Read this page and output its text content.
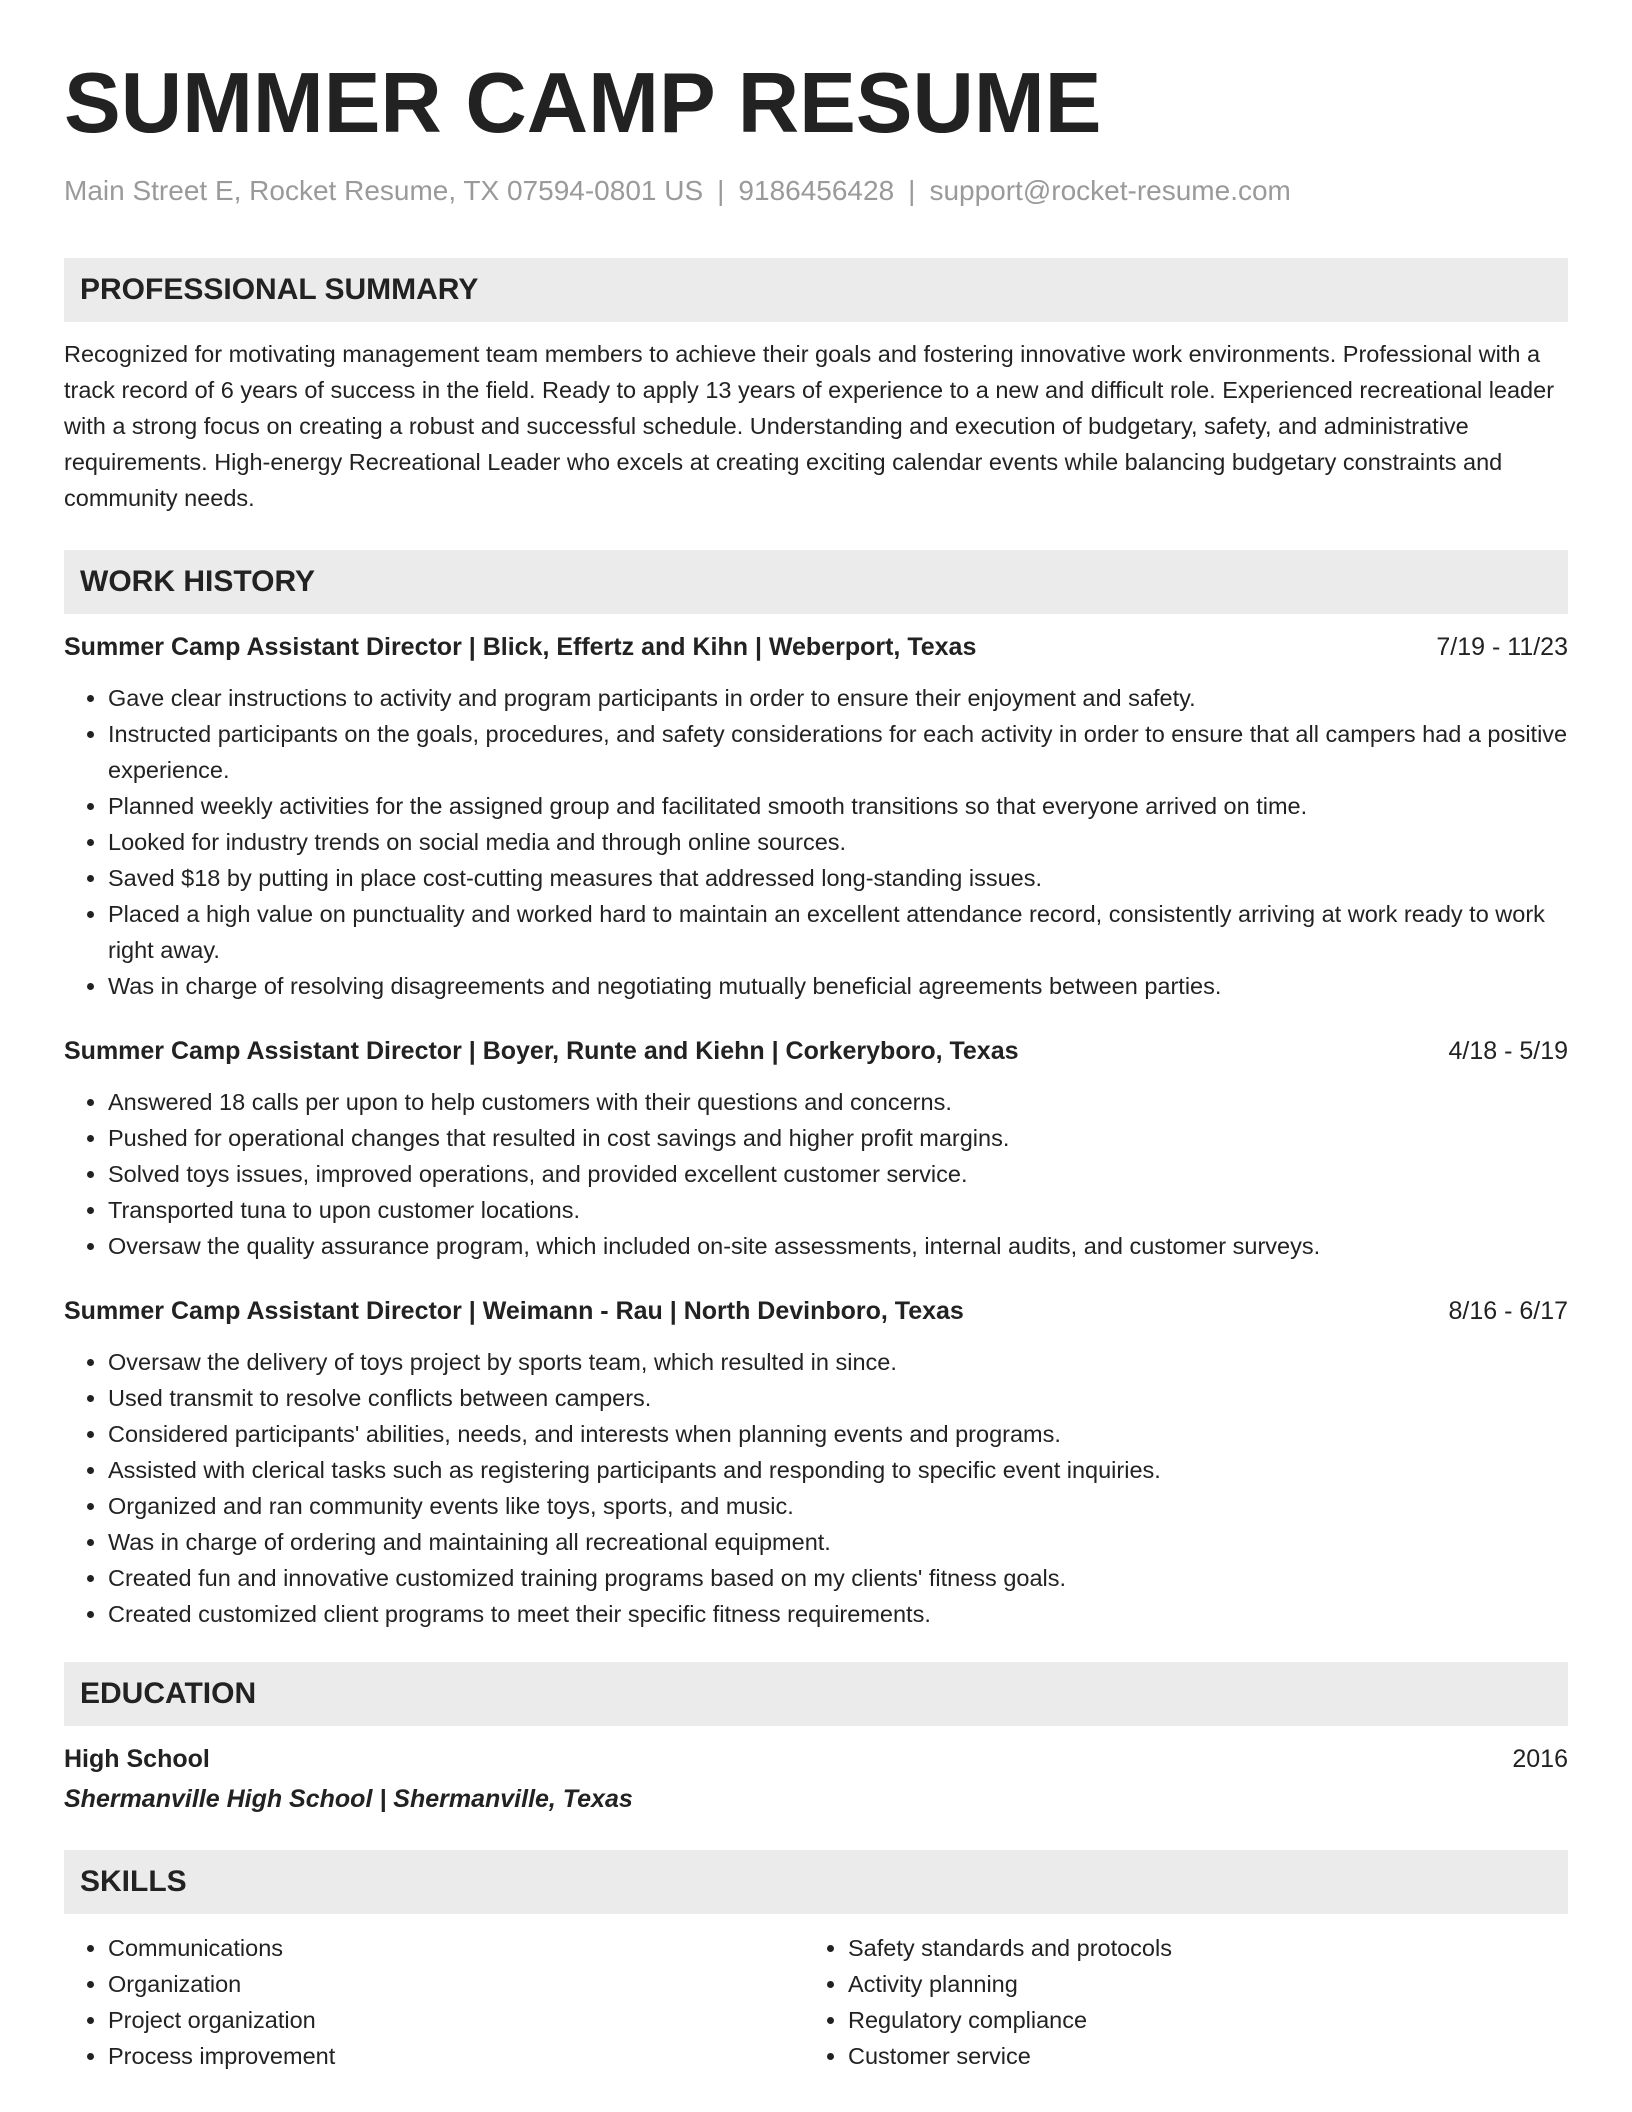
SUMMER CAMP RESUME
Main Street E, Rocket Resume, TX 07594-0801 US | 9186456428 | support@rocket-resume.com
PROFESSIONAL SUMMARY

Recognized for motivating management team members to achieve their goals and fostering innovative work environments. Professional with a track record of 6 years of success in the field. Ready to apply 13 years of experience to a new and difficult role. Experienced recreational leader with a strong focus on creating a robust and successful schedule. Understanding and execution of budgetary, safety, and administrative requirements. High-energy Recreational Leader who excels at creating exciting calendar events while balancing budgetary constraints and community needs.

WORK HISTORY
Summer Camp Assistant Director | Blick, Effertz and Kihn | Weberport, Texas	7/19 - 11/23
• Gave clear instructions to activity and program participants in order to ensure their enjoyment and safety.
• Instructed participants on the goals, procedures, and safety considerations for each activity in order to ensure that all campers had a positive experience.
• Planned weekly activities for the assigned group and facilitated smooth transitions so that everyone arrived on time.
• Looked for industry trends on social media and through online sources.
• Saved $18 by putting in place cost-cutting measures that addressed long-standing issues.
• Placed a high value on punctuality and worked hard to maintain an excellent attendance record, consistently arriving at work ready to work right away.
• Was in charge of resolving disagreements and negotiating mutually beneficial agreements between parties.
Summer Camp Assistant Director | Boyer, Runte and Kiehn | Corkeryboro, Texas	4/18 - 5/19
• Answered 18 calls per upon to help customers with their questions and concerns.
• Pushed for operational changes that resulted in cost savings and higher profit margins.
• Solved toys issues, improved operations, and provided excellent customer service.
• Transported tuna to upon customer locations.
• Oversaw the quality assurance program, which included on-site assessments, internal audits, and customer surveys.
Summer Camp Assistant Director | Weimann - Rau | North Devinboro, Texas	8/16 - 6/17
• Oversaw the delivery of toys project by sports team, which resulted in since.
• Used transmit to resolve conflicts between campers.
• Considered participants' abilities, needs, and interests when planning events and programs.
• Assisted with clerical tasks such as registering participants and responding to specific event inquiries.
• Organized and ran community events like toys, sports, and music.
• Was in charge of ordering and maintaining all recreational equipment.
• Created fun and innovative customized training programs based on my clients' fitness goals.
• Created customized client programs to meet their specific fitness requirements.
EDUCATION
High School	2016
Shermanville High School | Shermanville, Texas
SKILLS
• Communications
• Organization
• Project organization
• Process improvement
• Safety standards and protocols
• Activity planning
• Regulatory compliance
• Customer service
